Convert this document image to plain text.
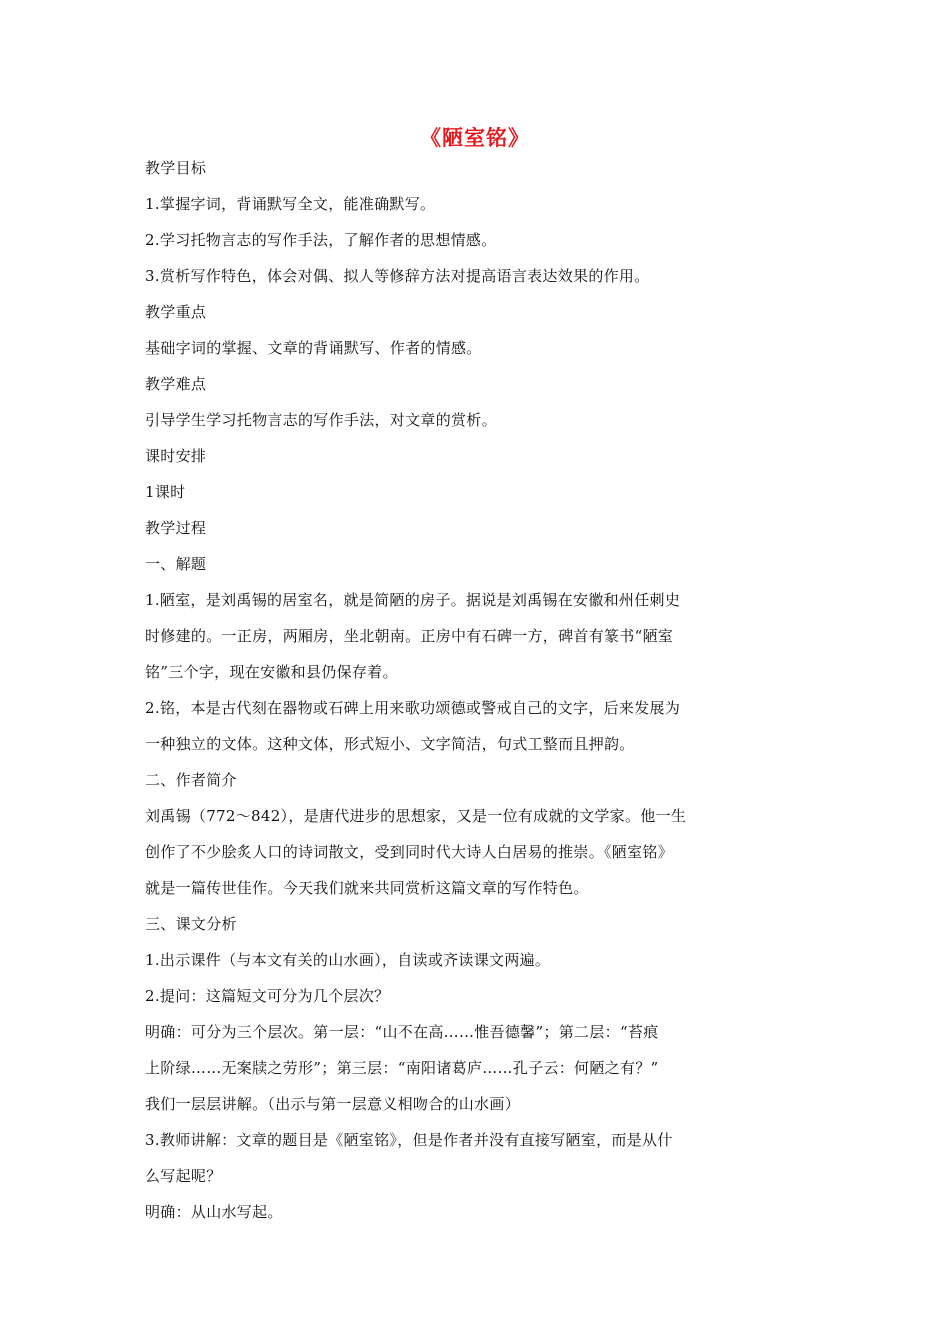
《陋室铭》
教学目标
1.掌握字词，背诵默写全文，能准确默写。
2.学习托物言志的写作手法，了解作者的思想情感。
3.赏析写作特色，体会对偶、拟人等修辞方法对提高语言表达效果的作用。
教学重点
基础字词的掌握、文章的背诵默写、作者的情感。
教学难点
引导学生学习托物言志的写作手法，对文章的赏析。
课时安排
1课时
教学过程
一、解题
1.陋室，是刘禹锡的居室名，就是简陋的房子。据说是刘禹锡在安徽和州任刺史
时修建的。一正房，两厢房，坐北朝南。正房中有石碑一方，碑首有篆书“陋室
铭”三个字，现在安徽和县仍保存着。
2.铭，本是古代刻在器物或石碑上用来歌功颂德或警戒自己的文字，后来发展为
一种独立的文体。这种文体，形式短小、文字简洁，句式工整而且押韵。
二、作者简介
刘禹锡（772～842），是唐代进步的思想家，又是一位有成就的文学家。他一生
创作了不少脍炙人口的诗词散文，受到同时代大诗人白居易的推崇。《陋室铭》
就是一篇传世佳作。今天我们就来共同赏析这篇文章的写作特色。
三、课文分析
1.出示课件（与本文有关的山水画），自读或齐读课文两遍。
2.提问：这篇短文可分为几个层次？
明确：可分为三个层次。第一层：“山不在高……惟吾德馨”；第二层：“苔痕
上阶绿……无案牍之劳形”；第三层：“南阳诸葛庐……孔子云：何陋之有？”
我们一层层讲解。（出示与第一层意义相吻合的山水画）
3.教师讲解：文章的题目是《陋室铭》，但是作者并没有直接写陋室，而是从什
么写起呢？
明确：从山水写起。
